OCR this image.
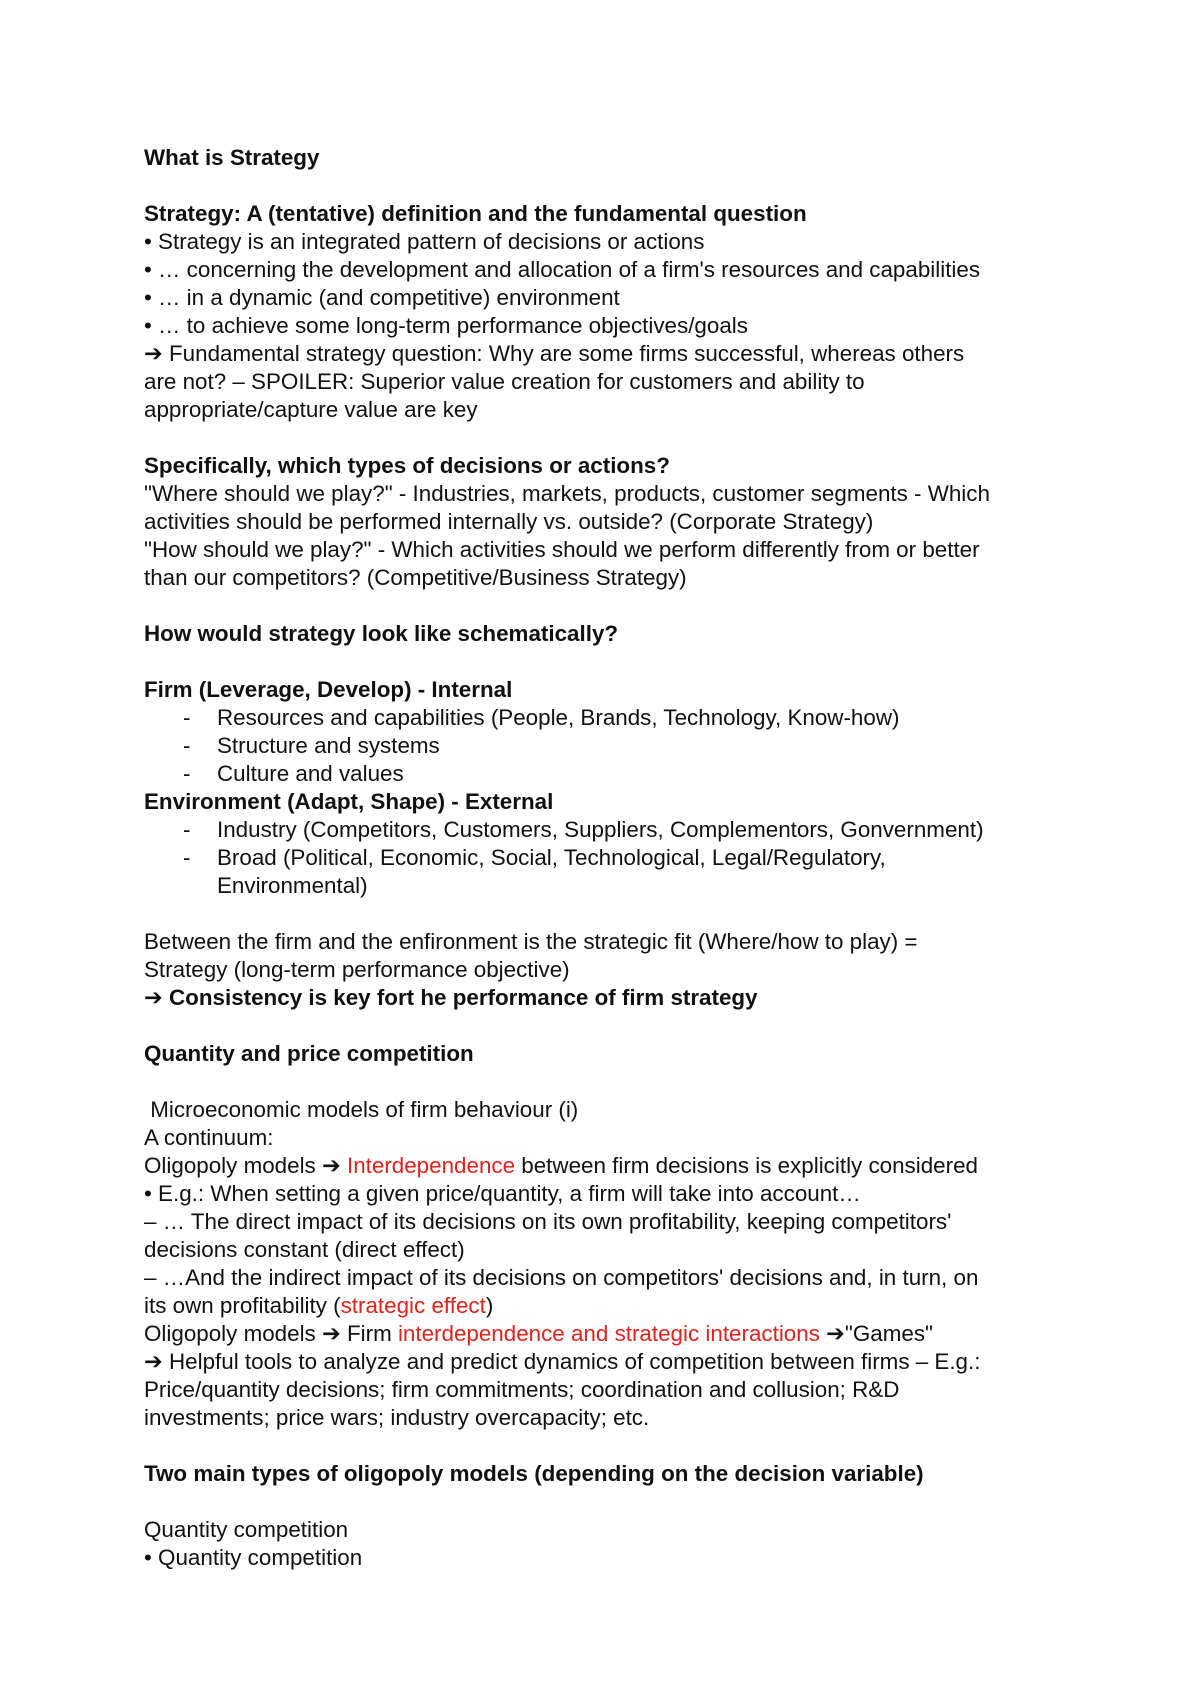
What is Strategy
Strategy: A (tentative) definition and the fundamental question
• Strategy is an integrated pattern of decisions or actions
• … concerning the development and allocation of a firm's resources and capabilities
• … in a dynamic (and competitive) environment
• … to achieve some long-term performance objectives/goals
➔ Fundamental strategy question: Why are some firms successful, whereas others
are not? – SPOILER: Superior value creation for customers and ability to
appropriate/capture value are key
Specifically, which types of decisions or actions?
"Where should we play?" - Industries, markets, products, customer segments - Which
activities should be performed internally vs. outside? (Corporate Strategy)
"How should we play?" - Which activities should we perform differently from or better
than our competitors? (Competitive/Business Strategy)
How would strategy look like schematically?
Firm (Leverage, Develop) - Internal
- Resources and capabilities (People, Brands, Technology, Know-how)
- Structure and systems
- Culture and values
Environment (Adapt, Shape) - External
- Industry (Competitors, Customers, Suppliers, Complementors, Gonvernment)
- Broad (Political, Economic, Social, Technological, Legal/Regulatory,
Environmental)
Between the firm and the enfironment is the strategic fit (Where/how to play) =
Strategy (long-term performance objective)
➔ Consistency is key fort he performance of firm strategy
Quantity and price competition
Microeconomic models of firm behaviour (i)
A continuum:
Oligopoly models ➔ Interdependence between firm decisions is explicitly considered
• E.g.: When setting a given price/quantity, a firm will take into account…
– … The direct impact of its decisions on its own profitability, keeping competitors'
decisions constant (direct effect)
– …And the indirect impact of its decisions on competitors' decisions and, in turn, on
its own profitability (strategic effect)
Oligopoly models ➔ Firm interdependence and strategic interactions ➔"Games"
➔ Helpful tools to analyze and predict dynamics of competition between firms – E.g.:
Price/quantity decisions; firm commitments; coordination and collusion; R&D
investments; price wars; industry overcapacity; etc.
Two main types of oligopoly models (depending on the decision variable)
Quantity competition
• Quantity competition
